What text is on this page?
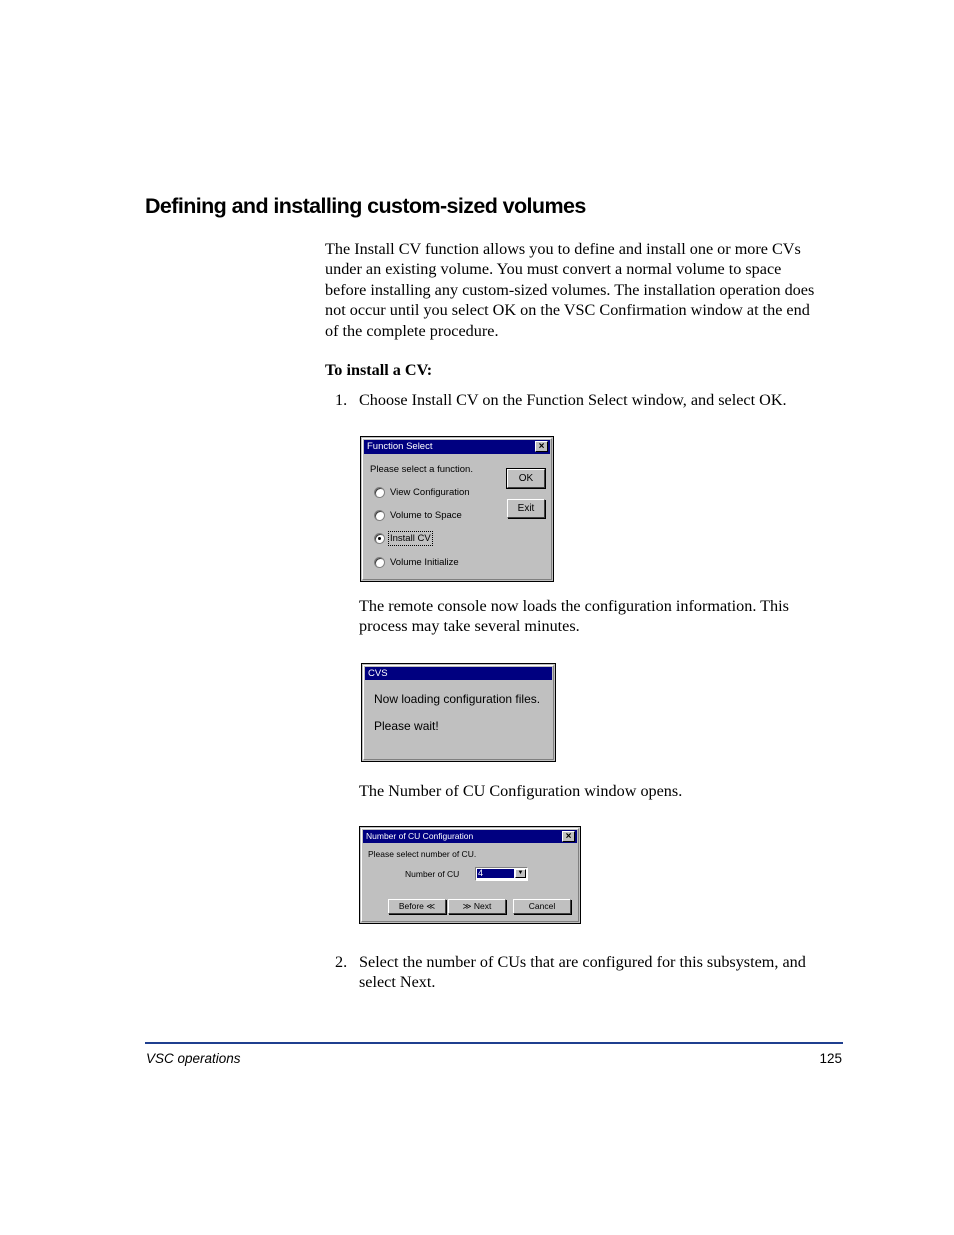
Defining and installing custom-sized volumes

The Install CV function allows you to define and install one or more CVs
under an existing volume. You must convert a normal volume to space
before installing any custom-sized volumes. The installation operation does
not occur until you select OK on the VSC Confirmation window at the end
of the complete procedure.

To install a CV:

1. Choose Install CV on the Function Select window, and select OK.
Function Select	×
Please select a function.
View Configuration
Volume to Space
Install CV
Volume Initialize
OK
Exit

The remote console now loads the configuration information. This process may take several minutes.

CVS
Now loading configuration files.
Please wait!

The Number of CU Configuration window opens.

Number of CU Configuration	×
Please select number of CU.
Number of CU 4	▼
Before ≪	≫ Next	Cancel
2. Select the number of CUs that are configured for this subsystem, and select Next.
VSC operations	125
